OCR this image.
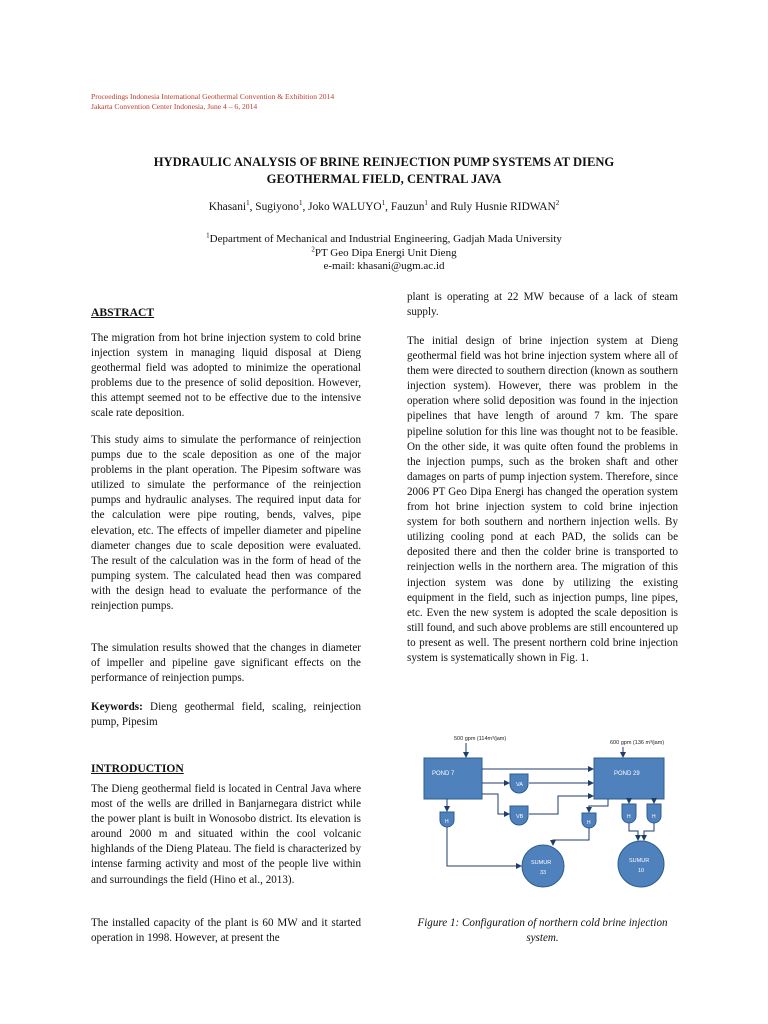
Proceedings Indonesia International Geothermal Convention & Exhibition 2014
Jakarta Convention Center Indonesia, June 4 – 6, 2014
HYDRAULIC ANALYSIS OF BRINE REINJECTION PUMP SYSTEMS AT DIENG
GEOTHERMAL FIELD, CENTRAL JAVA
Khasani$^1$, Sugiyono$^1$, Joko WALUYO$^1$, Fauzun$^1$ and Ruly Husnie RIDWAN$^2$
$^1$Department of Mechanical and Industrial Engineering, Gadjah Mada University
$^2$PT Geo Dipa Energi Unit Dieng
e-mail: khasani@ugm.ac.id
ABSTRACT

The migration from hot brine injection system to cold brine injection system in managing liquid disposal at Dieng geothermal field was adopted to minimize the operational problems due to the presence of solid deposition. However, this attempt seemed not to be effective due to the intensive scale rate deposition.

This study aims to simulate the performance of reinjection pumps due to the scale deposition as one of the major problems in the plant operation. The Pipesim software was utilized to simulate the performance of the reinjection pumps and hydraulic analyses. The required input data for the calculation were pipe routing, bends, valves, pipe elevation, etc. The effects of impeller diameter and pipeline diameter changes due to scale deposition were evaluated. The result of the calculation was in the form of head of the pumping system. The calculated head then was compared with the design head to evaluate the performance of the reinjection pumps.

The simulation results showed that the changes in diameter of impeller and pipeline gave significant effects on the performance of reinjection pumps.

Keywords: Dieng geothermal field, scaling, reinjection pump, Pipesim

INTRODUCTION

The Dieng geothermal field is located in Central Java where most of the wells are drilled in Banjarnegara district while the power plant is built in Wonosobo district. Its elevation is around 2000 m and situated within the cool volcanic highlands of the Dieng Plateau. The field is characterized by intense farming activity and most of the people live within and surroundings the field (Hino et al., 2013).

The installed capacity of the plant is 60 MW and it started operation in 1998. However, at present the

plant is operating at 22 MW because of a lack of steam supply.

The initial design of brine injection system at Dieng geothermal field was hot brine injection system where all of them were directed to southern direction (known as southern injection system). However, there was problem in the operation where solid deposition was found in the injection pipelines that have length of around 7 km. The spare pipeline solution for this line was thought not to be feasible. On the other side, it was quite often found the problems in the injection pumps, such as the broken shaft and other damages on parts of pump injection system. Therefore, since 2006 PT Geo Dipa Energi has changed the operation system from hot brine injection system to cold brine injection system for both southern and northern injection wells. By utilizing cooling pond at each PAD, the solids can be deposited there and then the colder brine is transported to reinjection wells in the northern area. The migration of this injection system was done by utilizing the existing equipment in the field, such as injection pumps, line pipes, etc. Even the new system is adopted the scale deposition is still found, and such above problems are still encountered up to present as well. The present northern cold brine injection system is systematically shown in Fig. 1.

500 gpm (114m³/jam)
600 gpm (136 m³/jam)
POND 7	POND 29
VA
VB
H	H
H	H
SUMUR
33
SUMUR
10
Figure 1: Configuration of northern cold brine injection system.
